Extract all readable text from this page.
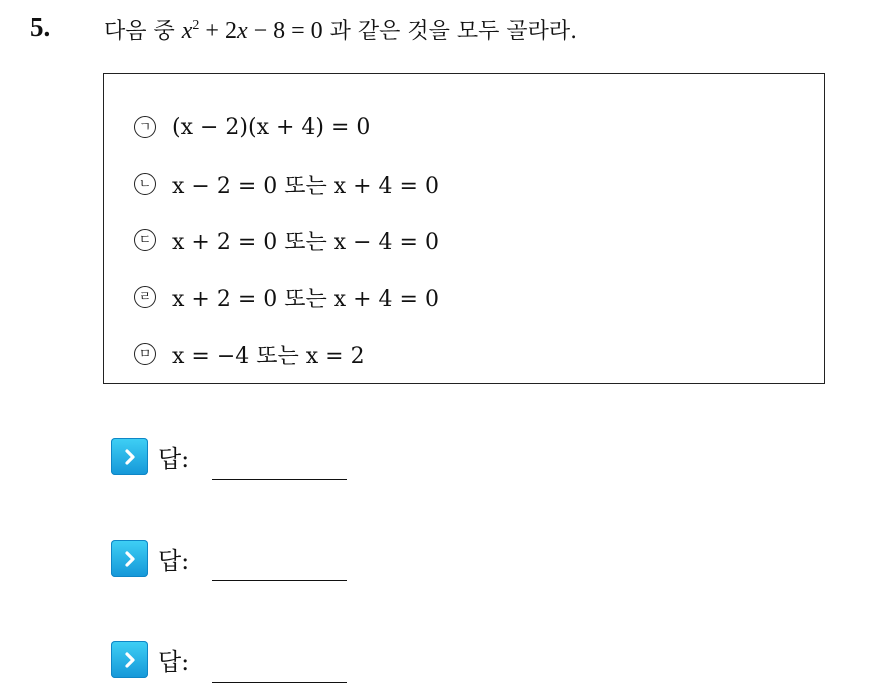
5. 다음 중 $x^2 + 2x - 8 = 0$ 과 같은 것을 모두 골라라.
ㄱ (x − 2)(x + 4) = 0
ㄴ x − 2 = 0 또는 x + 4 = 0
ㄷ x + 2 = 0 또는 x − 4 = 0
ㄹ x + 2 = 0 또는 x + 4 = 0
ㅁ x = −4 또는 x = 2
답:
답:
답:
